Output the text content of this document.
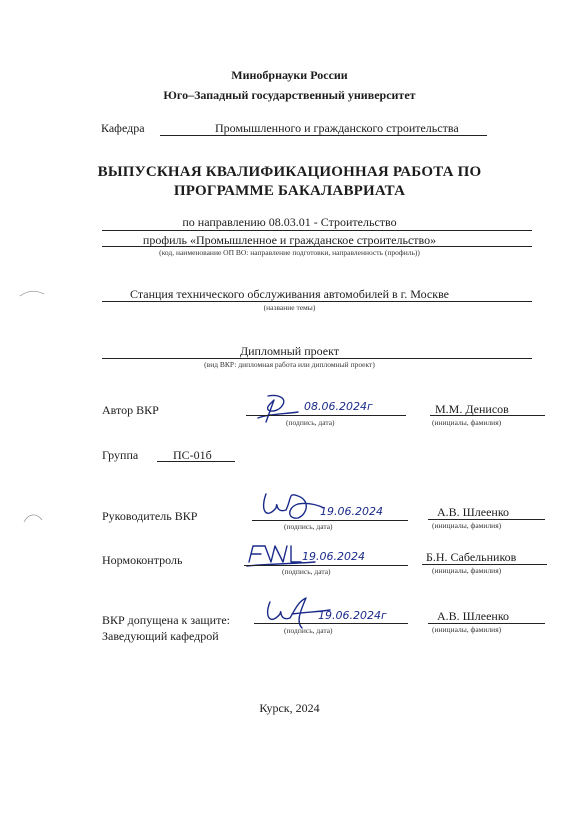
Минобрнауки России
Юго–Западный государственный университет
Кафедра	Промышленного и гражданского строительства
ВЫПУСКНАЯ КВАЛИФИКАЦИОННАЯ РАБОТА ПО
ПРОГРАММЕ БАКАЛАВРИАТА
по направлению 08.03.01 - Строительство
профиль «Промышленное и гражданское строительство»
(код, наименование ОП ВО: направление подготовки, направленность (профиль))
Станция технического обслуживания автомобилей в г. Москве
(название темы)
Дипломный проект
(вид ВКР: дипломная работа или дипломный проект)
Автор ВКР	08.06.2024г
(подпись, дата)
М.М. Денисов
(инициалы, фамилия)
Группа	ПС-01б
Руководитель ВКР	19.06.2024
(подпись, дата)
А.В. Шлеенко
(инициалы, фамилия)
Нормоконтроль	19.06.2024
(подпись, дата)
Б.Н. Сабельников
(инициалы, фамилия)
ВКР допущена к защите:
Заведующий кафедрой
19.06.2024г
(подпись, дата)
А.В. Шлеенко
(инициалы, фамилия)
Курск, 2024
